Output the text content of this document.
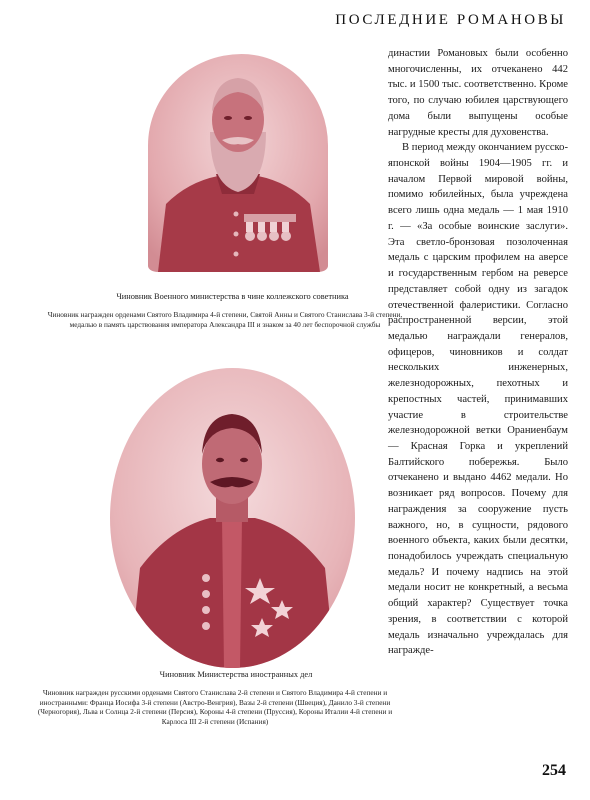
ПОСЛЕДНИЕ РОМАНОВЫ
Чиновник Военного министерства в чине коллежского советника
Чиновник награжден орденами Святого Владимира 4-й степени, Святой Анны и Святого Станислава 3-й степени, медалью в память царствования императора Александра III и знаком за 40 лет беспорочной службы
Чиновник Министерства иностранных дел
Чиновник награжден русскими орденами Святого Станислава 2-й степени и Святого Владимира 4-й степени и иностранными: Франца Иосифа 3-й степени (Австро-Венгрия), Вазы 2-й степени (Швеция), Данило 3-й степени (Черногория), Льва и Солнца 2-й степени (Персия), Короны 4-й степени (Пруссия), Короны Италии 4-й степени и Карлоса III 2-й степени (Испания)

династии Романовых были особенно многочисленны, их отчеканено 442 тыс. и 1500 тыс. соответственно. Кроме того, по случаю юбилея царствующего дома были выпущены особые нагрудные кресты для духовенства.

В период между окончанием русско-японской войны 1904—1905 гг. и началом Первой мировой войны, помимо юбилейных, была учреждена всего лишь одна медаль — 1 мая 1910 г. — «За особые воинские заслуги». Эта светло-бронзовая позолоченная медаль с царским профилем на аверсе и государственным гербом на реверсе представляет собой одну из загадок отечественной фалеристики. Согласно распространенной версии, этой медалью награждали генералов, офицеров, чиновников и солдат нескольких инженерных, железнодорожных, пехотных и крепостных частей, принимавших участие в строительстве железнодорожной ветки Ораниенбаум — Красная Горка и укреплений Балтийского побережья. Было отчеканено и выдано 4462 медали. Но возникает ряд вопросов. Почему для награждения за сооружение пусть важного, но, в сущности, рядового военного объекта, каких были десятки, понадобилось учреждать специальную медаль? И почему надпись на этой медали носит не конкретный, а весьма общий характер? Существует точка зрения, в соответствии с которой медаль изначально учреждалась для награжде-

254
